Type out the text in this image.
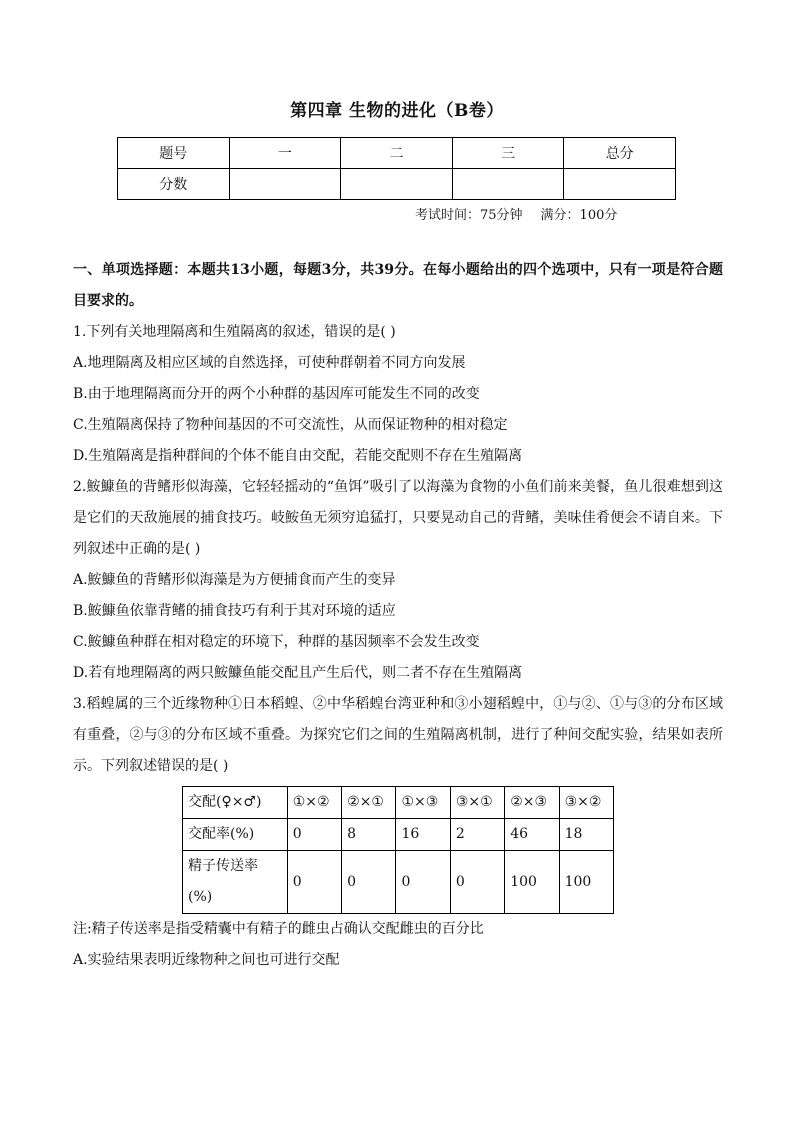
第四章 生物的进化（B卷）
题号	一	二	三	总分
分数				
考试时间：75分钟 满分：100分

一、单项选择题：本题共13小题，每题3分，共39分。在每小题给出的四个选项中，只有一项是符合题目要求的。

1.下列有关地理隔离和生殖隔离的叙述，错误的是( )

A.地理隔离及相应区域的自然选择，可使种群朝着不同方向发展

B.由于地理隔离而分开的两个小种群的基因库可能发生不同的改变

C.生殖隔离保持了物种间基因的不可交流性，从而保证物种的相对稳定

D.生殖隔离是指种群间的个体不能自由交配，若能交配则不存在生殖隔离

2.鮟鱇鱼的背鳍形似海藻，它轻轻摇动的“鱼饵”吸引了以海藻为食物的小鱼们前来美餐，鱼儿很难想到这是它们的天敌施展的捕食技巧。岐鮟鱼无须穷追猛打，只要晃动自己的背鳍，美味佳肴便会不请自来。下列叙述中正确的是( )

A.鮟鱇鱼的背鳍形似海藻是为方便捕食而产生的变异

B.鮟鱇鱼依靠背鳍的捕食技巧有利于其对环境的适应

C.鮟鱇鱼种群在相对稳定的环境下，种群的基因频率不会发生改变

D.若有地理隔离的两只鮟鱇鱼能交配且产生后代，则二者不存在生殖隔离

3.稻蝗属的三个近缘物种①日本稻蝗、②中华稻蝗台湾亚种和③小翅稻蝗中，①与②、①与③的分布区域有重叠，②与③的分布区域不重叠。为探究它们之间的生殖隔离机制，进行了种间交配实验，结果如表所示。下列叙述错误的是( )

交配(♀×♂)	①×②	②×①	①×③	③×①	②×③	③×②
交配率(%)	0	8	16	2	46	18
精子传送率(%)	0	0	0	0	100	100

注:精子传送率是指受精囊中有精子的雌虫占确认交配雌虫的百分比

A.实验结果表明近缘物种之间也可进行交配
